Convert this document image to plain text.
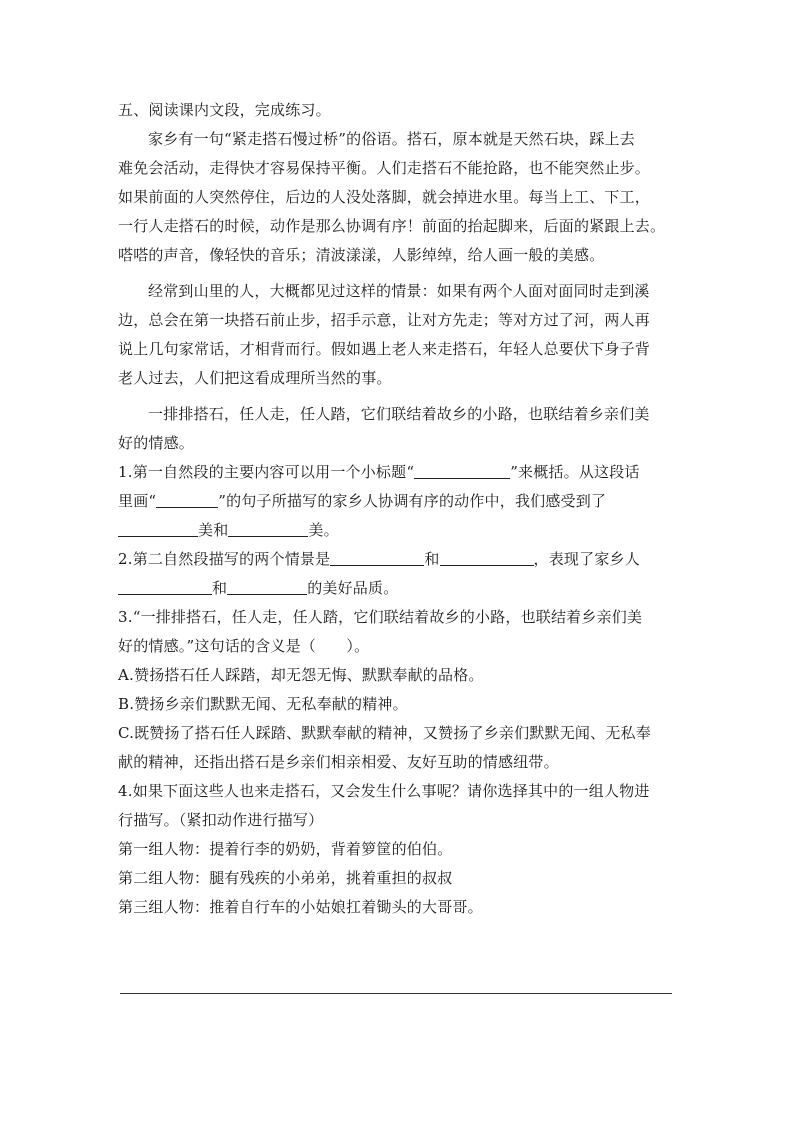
五、阅读课内文段，完成练习。
家乡有一句“紧走搭石慢过桥”的俗语。搭石，原本就是天然石块，踩上去
难免会活动，走得快才容易保持平衡。人们走搭石不能抢路，也不能突然止步。
如果前面的人突然停住，后边的人没处落脚，就会掉进水里。每当上工、下工，
一行人走搭石的时候，动作是那么协调有序！前面的抬起脚来，后面的紧跟上去。
嗒嗒的声音，像轻快的音乐；清波漾漾，人影绰绰，给人画一般的美感。
经常到山里的人，大概都见过这样的情景：如果有两个人面对面同时走到溪
边，总会在第一块搭石前止步，招手示意，让对方先走；等对方过了河，两人再
说上几句家常话，才相背而行。假如遇上老人来走搭石，年轻人总要伏下身子背
老人过去，人们把这看成理所当然的事。
一排排搭石，任人走，任人踏，它们联结着故乡的小路，也联结着乡亲们美
好的情感。
1.第一自然段的主要内容可以用一个小标题“	”来概括。从这段话
里画“	”的句子所描写的家乡人协调有序的动作中，我们感受到了
美和	美。
2.第二自然段描写的两个情景是	和	，表现了家乡人
和	的美好品质。
3.“一排排搭石，任人走，任人踏，它们联结着故乡的小路，也联结着乡亲们美
好的情感。”这句话的含义是（　　）。
A.赞扬搭石任人踩踏，却无怨无悔、默默奉献的品格。
B.赞扬乡亲们默默无闻、无私奉献的精神。
C.既赞扬了搭石任人踩踏、默默奉献的精神，又赞扬了乡亲们默默无闻、无私奉
献的精神，还指出搭石是乡亲们相亲相爱、友好互助的情感纽带。
4.如果下面这些人也来走搭石，又会发生什么事呢？请你选择其中的一组人物进
行描写。（紧扣动作进行描写）
第一组人物：提着行李的奶奶，背着箩筐的伯伯。
第二组人物：腿有残疾的小弟弟，挑着重担的叔叔
第三组人物：推着自行车的小姑娘扛着锄头的大哥哥。
